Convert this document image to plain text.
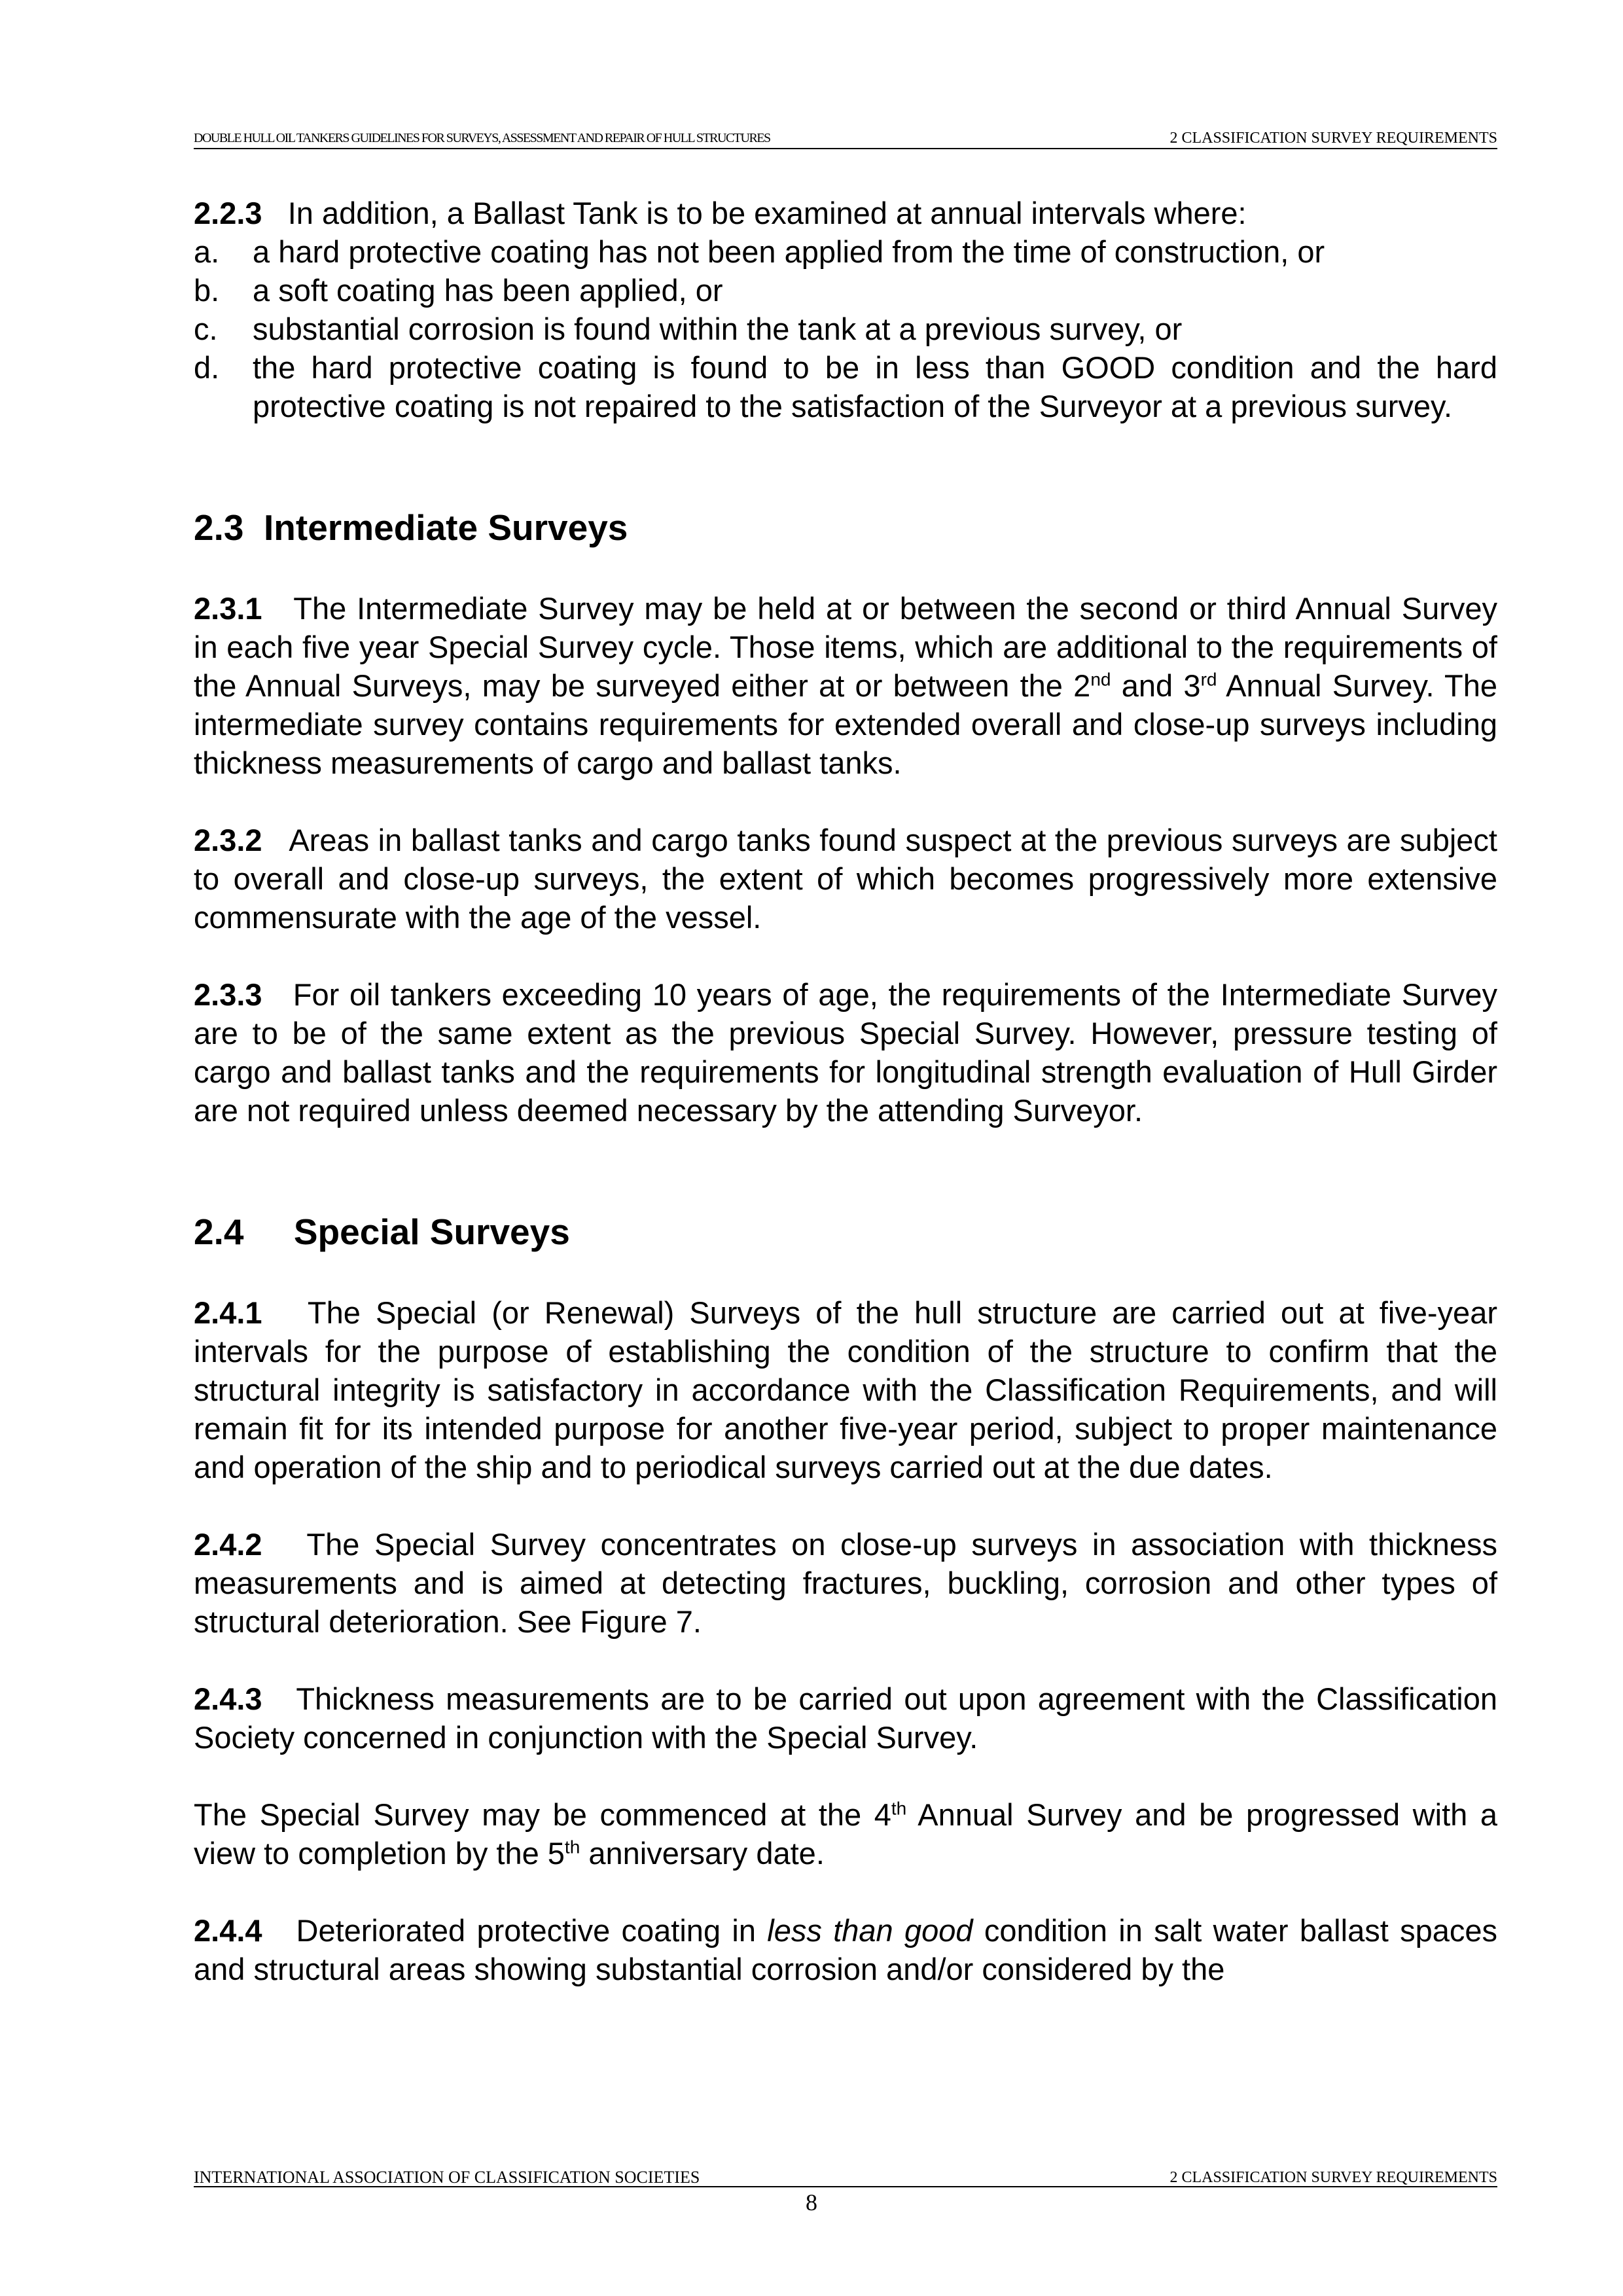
DOUBLE HULL OIL TANKERS GUIDELINES FOR SURVEYS, ASSESSMENT AND REPAIR OF HULL STRUCTURES	2 CLASSIFICATION SURVEY REQUIREMENTS

2.2.3 In addition, a Ballast Tank is to be examined at annual intervals where:

a. a hard protective coating has not been applied from the time of construction, or
b. a soft coating has been applied, or
c. substantial corrosion is found within the tank at a previous survey, or
d. the hard protective coating is found to be in less than GOOD condition and the hard protective coating is not repaired to the satisfaction of the Surveyor at a previous survey.
2.3 Intermediate Surveys

2.3.1 The Intermediate Survey may be held at or between the second or third Annual Survey in each five year Special Survey cycle. Those items, which are additional to the requirements of the Annual Surveys, may be surveyed either at or between the 2nd and 3rd Annual Survey. The intermediate survey contains requirements for extended overall and close-up surveys including thickness measurements of cargo and ballast tanks.

2.3.2 Areas in ballast tanks and cargo tanks found suspect at the previous surveys are subject to overall and close-up surveys, the extent of which becomes progressively more extensive commensurate with the age of the vessel.

2.3.3 For oil tankers exceeding 10 years of age, the requirements of the Intermediate Survey are to be of the same extent as the previous Special Survey. However, pressure testing of cargo and ballast tanks and the requirements for longitudinal strength evaluation of Hull Girder are not required unless deemed necessary by the attending Surveyor.

2.4 Special Surveys

2.4.1 The Special (or Renewal) Surveys of the hull structure are carried out at five-year intervals for the purpose of establishing the condition of the structure to confirm that the structural integrity is satisfactory in accordance with the Classification Requirements, and will remain fit for its intended purpose for another five-year period, subject to proper maintenance and operation of the ship and to periodical surveys carried out at the due dates.

2.4.2 The Special Survey concentrates on close-up surveys in association with thickness measurements and is aimed at detecting fractures, buckling, corrosion and other types of structural deterioration. See Figure 7.

2.4.3 Thickness measurements are to be carried out upon agreement with the Classification Society concerned in conjunction with the Special Survey.

The Special Survey may be commenced at the 4th Annual Survey and be progressed with a view to completion by the 5th anniversary date.

2.4.4 Deteriorated protective coating in less than good condition in salt water ballast spaces and structural areas showing substantial corrosion and/or considered by the

INTERNATIONAL ASSOCIATION OF CLASSIFICATION SOCIETIES	2 CLASSIFICATION SURVEY REQUIREMENTS
8
